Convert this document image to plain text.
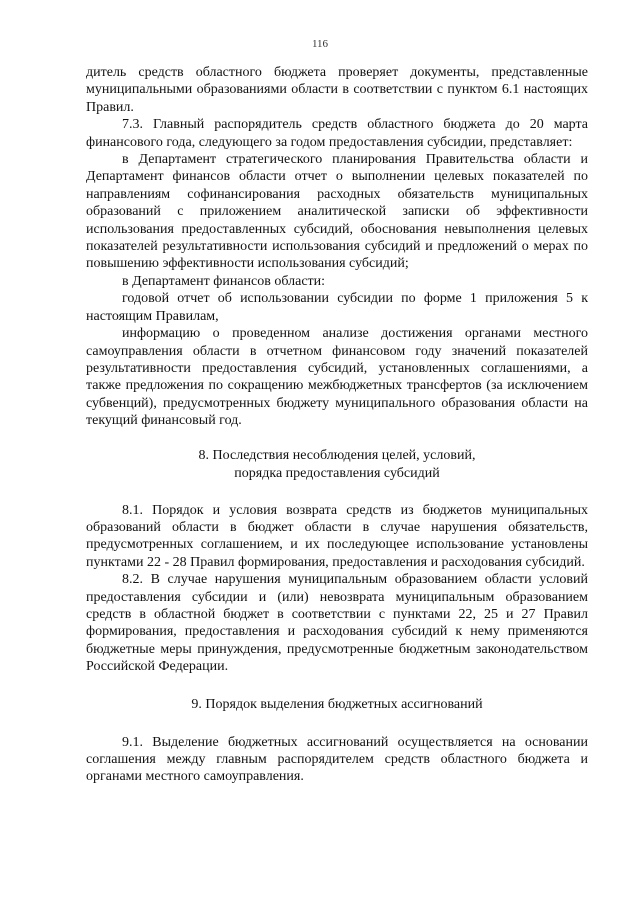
116

дитель средств областного бюджета проверяет документы, представленные муниципальными образованиями области в соответствии с пунктом 6.1 настоящих Правил.

7.3. Главный распорядитель средств областного бюджета до 20 марта финансового года, следующего за годом предоставления субсидии, представляет:

в Департамент стратегического планирования Правительства области и Департамент финансов области отчет о выполнении целевых показателей по направлениям софинансирования расходных обязательств муниципальных образований с приложением аналитической записки об эффективности использования предоставленных субсидий, обоснования невыполнения целевых показателей результативности использования субсидий и предложений о мерах по повышению эффективности использования субсидий;

в Департамент финансов области:

годовой отчет об использовании субсидии по форме 1 приложения 5 к настоящим Правилам,

информацию о проведенном анализе достижения органами местного самоуправления области в отчетном финансовом году значений показателей результативности предоставления субсидий, установленных соглашениями, а также предложения по сокращению межбюджетных трансфертов (за исключением субвенций), предусмотренных бюджету муниципального образования области на текущий финансовый год.

8. Последствия несоблюдения целей, условий,
порядка предоставления субсидий

8.1. Порядок и условия возврата средств из бюджетов муниципальных образований области в бюджет области в случае нарушения обязательств, предусмотренных соглашением, и их последующее использование установлены пунктами 22 - 28 Правил формирования, предоставления и расходования субсидий.

8.2. В случае нарушения муниципальным образованием области условий предоставления субсидии и (или) невозврата муниципальным образованием средств в областной бюджет в соответствии с пунктами 22, 25 и 27 Правил формирования, предоставления и расходования субсидий к нему применяются бюджетные меры принуждения, предусмотренные бюджетным законодательством Российской Федерации.

9. Порядок выделения бюджетных ассигнований

9.1. Выделение бюджетных ассигнований осуществляется на основании соглашения между главным распорядителем средств областного бюджета и органами местного самоуправления.
